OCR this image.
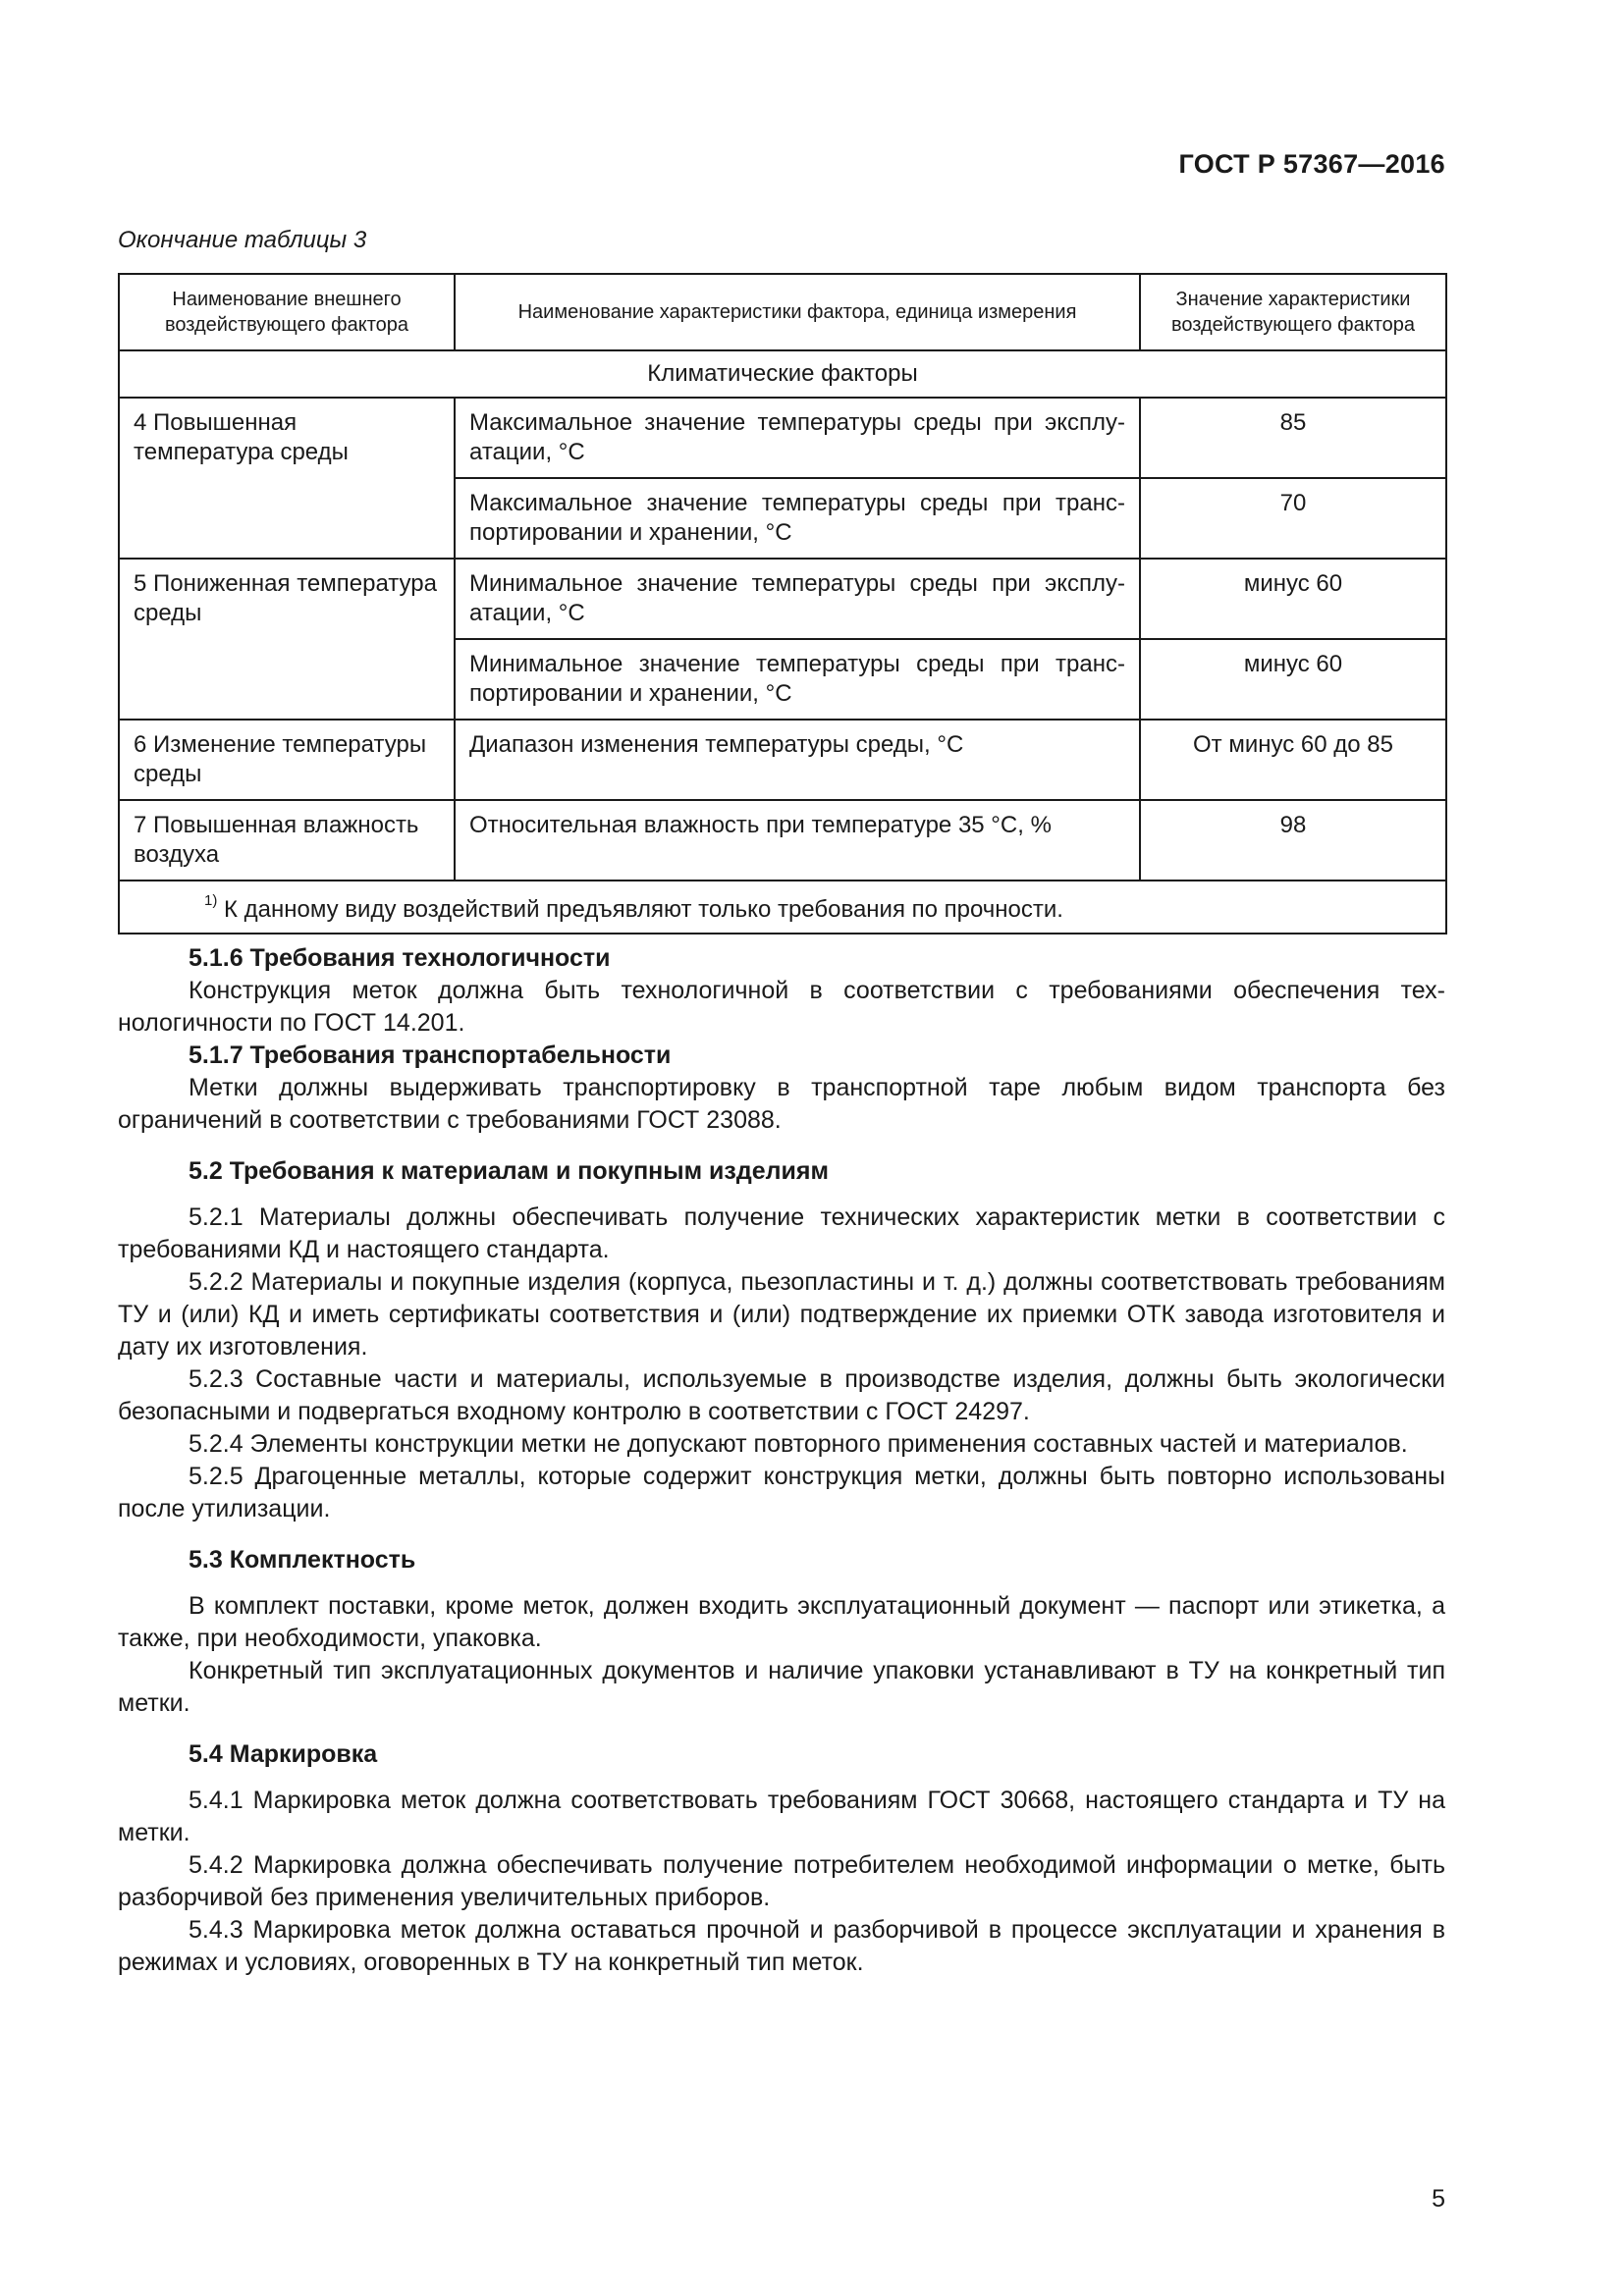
ГОСТ Р 57367—2016
Окончание таблицы 3
Наименование внешнего воздействующего фактора	Наименование характеристики фактора, единица измерения	Значение характеристики воздействующего фактора
Климатические факторы		
4 Повышенная температура среды	Максимальное значение температуры среды при эксплуатации, °С	85
	Максимальное значение температуры среды при транспортировании и хранении, °С	70
5 Пониженная температура среды	Минимальное значение температуры среды при эксплуатации, °С	минус 60
	Минимальное значение температуры среды при транспортировании и хранении, °С	минус 60
6 Изменение температуры среды	Диапазон изменения температуры среды, °С	От минус 60 до 85
7 Повышенная влажность воздуха	Относительная влажность при температуре 35 °С, %	98
$^{1)}$ К данному виду воздействий предъявляют только требования по прочности.		
5.1.6 Требования технологичности

Конструкция меток должна быть технологичной в соответствии с требованиями обеспечения технологичности по ГОСТ 14.201.

5.1.7 Требования транспортабельности

Метки должны выдерживать транспортировку в транспортной таре любым видом транспорта без ограничений в соответствии с требованиями ГОСТ 23088.

5.2 Требования к материалам и покупным изделиям

5.2.1 Материалы должны обеспечивать получение технических характеристик метки в соответствии с требованиями КД и настоящего стандарта.

5.2.2 Материалы и покупные изделия (корпуса, пьезопластины и т. д.) должны соответствовать требованиям ТУ и (или) КД и иметь сертификаты соответствия и (или) подтверждение их приемки ОТК завода изготовителя и дату их изготовления.

5.2.3 Составные части и материалы, используемые в производстве изделия, должны быть экологически безопасными и подвергаться входному контролю в соответствии с ГОСТ 24297.

5.2.4 Элементы конструкции метки не допускают повторного применения составных частей и материалов.

5.2.5 Драгоценные металлы, которые содержит конструкция метки, должны быть повторно использованы после утилизации.

5.3 Комплектность

В комплект поставки, кроме меток, должен входить эксплуатационный документ — паспорт или этикетка, а также, при необходимости, упаковка.

Конкретный тип эксплуатационных документов и наличие упаковки устанавливают в ТУ на конкретный тип метки.

5.4 Маркировка

5.4.1 Маркировка меток должна соответствовать требованиям ГОСТ 30668, настоящего стандарта и ТУ на метки.

5.4.2 Маркировка должна обеспечивать получение потребителем необходимой информации о метке, быть разборчивой без применения увеличительных приборов.

5.4.3 Маркировка меток должна оставаться прочной и разборчивой в процессе эксплуатации и хранения в режимах и условиях, оговоренных в ТУ на конкретный тип меток.

5
